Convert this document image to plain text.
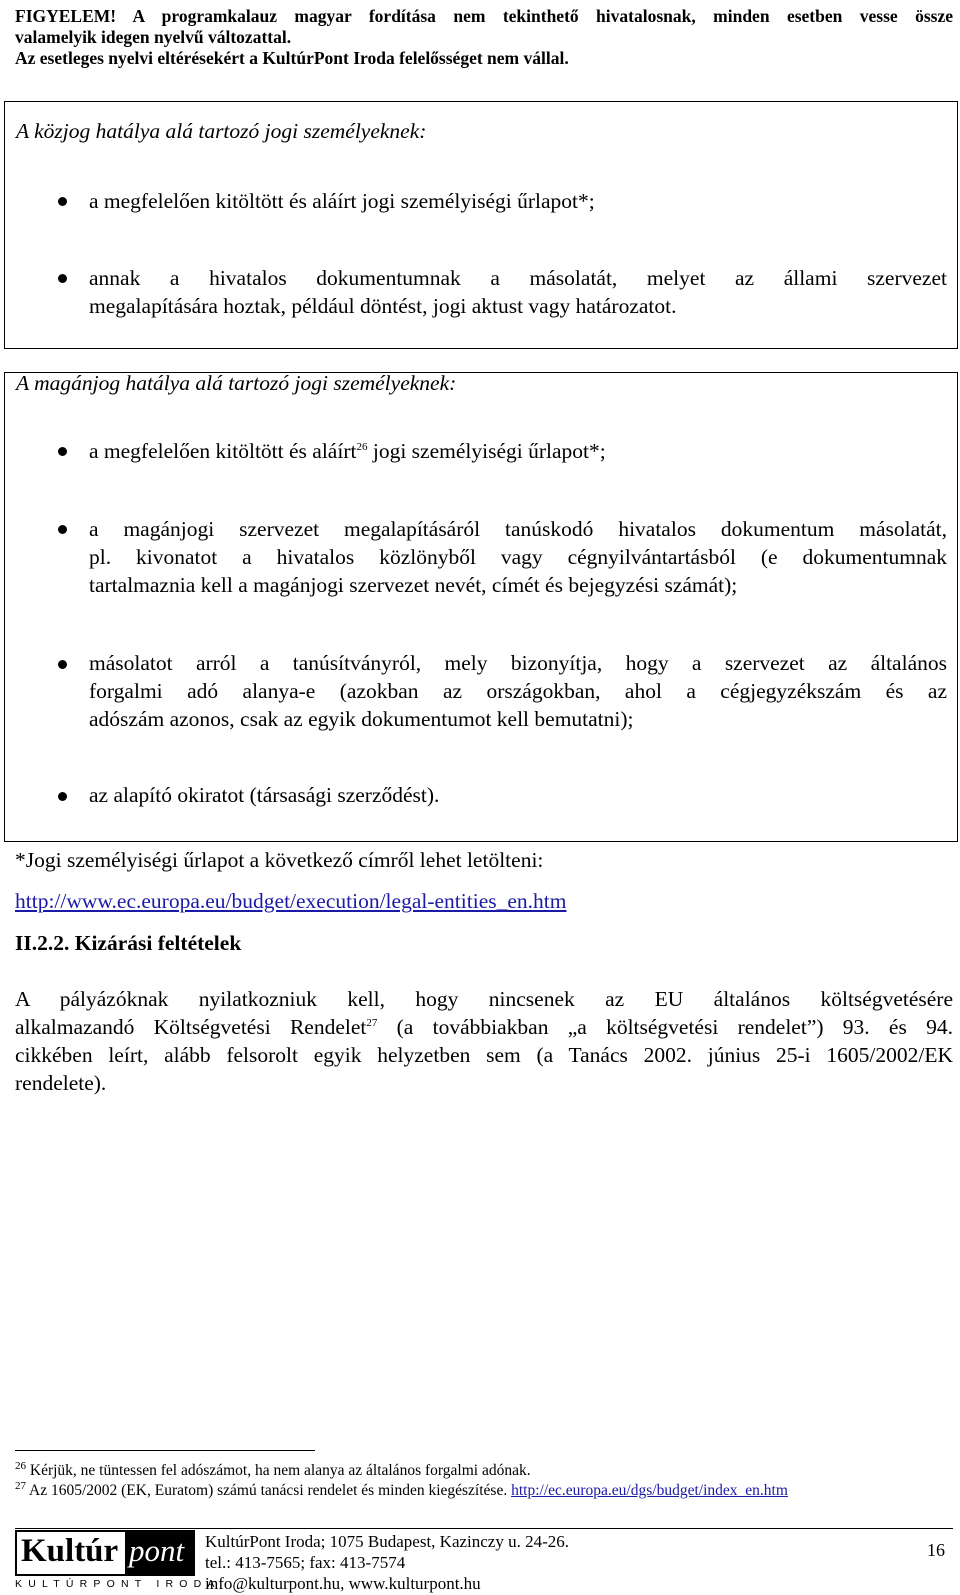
FIGYELEM! A programkalauz magyar fordítása nem tekinthető hivatalosnak, minden esetben vesse össze
valamelyik idegen nyelvű változattal.
Az esetleges nyelvi eltérésekért a KultúrPont Iroda felelősséget nem vállal.
A közjog hatálya alá tartozó jogi személyeknek:
a megfelelően kitöltött és aláírt jogi személyiségi űrlapot*;
annak a hivatalos dokumentumnak a másolatát, melyet az állami szervezet
megalapítására hoztak, például döntést, jogi aktust vagy határozatot.
A magánjog hatálya alá tartozó jogi személyeknek:
a megfelelően kitöltött és aláírt$^{26}$ jogi személyiségi űrlapot*;
a magánjogi szervezet megalapításáról tanúskodó hivatalos dokumentum másolatát,
pl. kivonatot a hivatalos közlönyből vagy cégnyilvántartásból (e dokumentumnak
tartalmaznia kell a magánjogi szervezet nevét, címét és bejegyzési számát);
másolatot arról a tanúsítványról, mely bizonyítja, hogy a szervezet az általános
forgalmi adó alanya-e (azokban az országokban, ahol a cégjegyzékszám és az
adószám azonos, csak az egyik dokumentumot kell bemutatni);
az alapító okiratot (társasági szerződést).
*Jogi személyiségi űrlapot a következő címről lehet letölteni:
http://www.ec.europa.eu/budget/execution/legal-entities_en.htm
II.2.2. Kizárási feltételek
A pályázóknak nyilatkozniuk kell, hogy nincsenek az EU általános költségvetésére
alkalmazandó Költségvetési Rendelet$^{27}$ (a továbbiakban „a költségvetési rendelet”) 93. és 94.
cikkében leírt, alább felsorolt egyik helyzetben sem (a Tanács 2002. június 25-i 1605/2002/EK
rendelete).
$^{26}$ Kérjük, ne tüntessen fel adószámot, ha nem alanya az általános forgalmi adónak.
$^{27}$ Az 1605/2002 (EK, Euratom) számú tanácsi rendelet és minden kiegészítése. http://ec.europa.eu/dgs/budget/index_en.htm
Kultúr pont
KULTÚRPONT IRODA
KultúrPont Iroda; 1075 Budapest, Kazinczy u. 24-26.
tel.: 413-7565; fax: 413-7574
info@kulturpont.hu, www.kulturpont.hu
16
